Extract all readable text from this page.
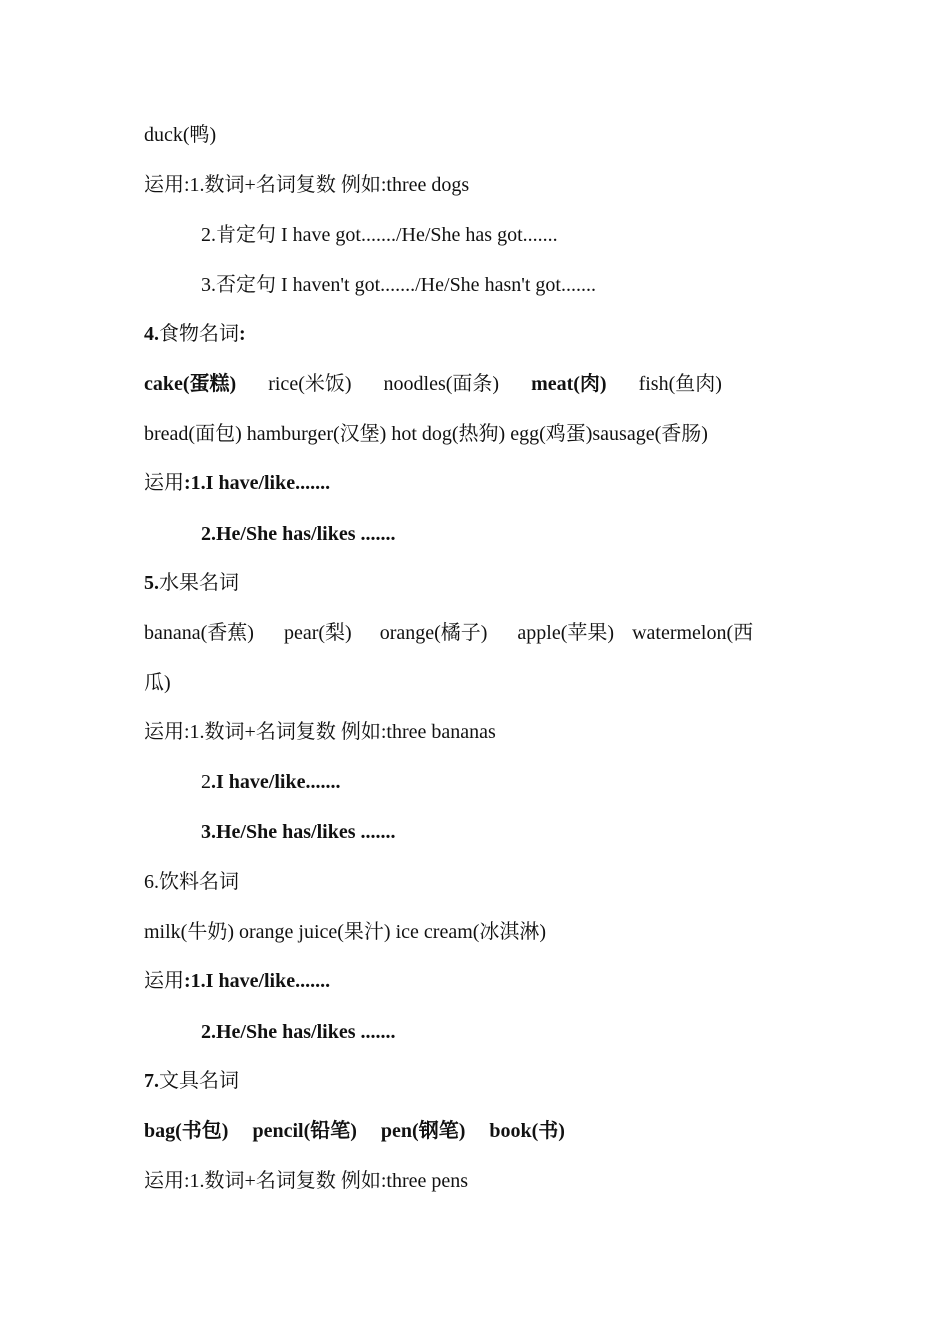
duck(鸭)
运用:1.数词+名词复数 例如:three dogs
2.肯定句 I have got......./He/She has got.......
3.否定句 I haven't got......./He/She hasn't got.......
4.食物名词:
cake(蛋糕) rice(米饭) noodles(面条) meat(肉) fish(鱼肉)
bread(面包) hamburger(汉堡) hot dog(热狗) egg(鸡蛋)sausage(香肠)
运用:1.I have/like.......
2.He/She has/likes .......
5.水果名词
banana(香蕉) pear(梨) orange(橘子) apple(苹果) watermelon(西
瓜)
运用:1.数词+名词复数 例如:three bananas
2.I have/like.......
3.He/She has/likes .......
6.饮料名词
milk(牛奶) orange juice(果汁) ice cream(冰淇淋)
运用:1.I have/like.......
2.He/She has/likes .......
7.文具名词
bag(书包) pencil(铅笔) pen(钢笔) book(书)
运用:1.数词+名词复数 例如:three pens
